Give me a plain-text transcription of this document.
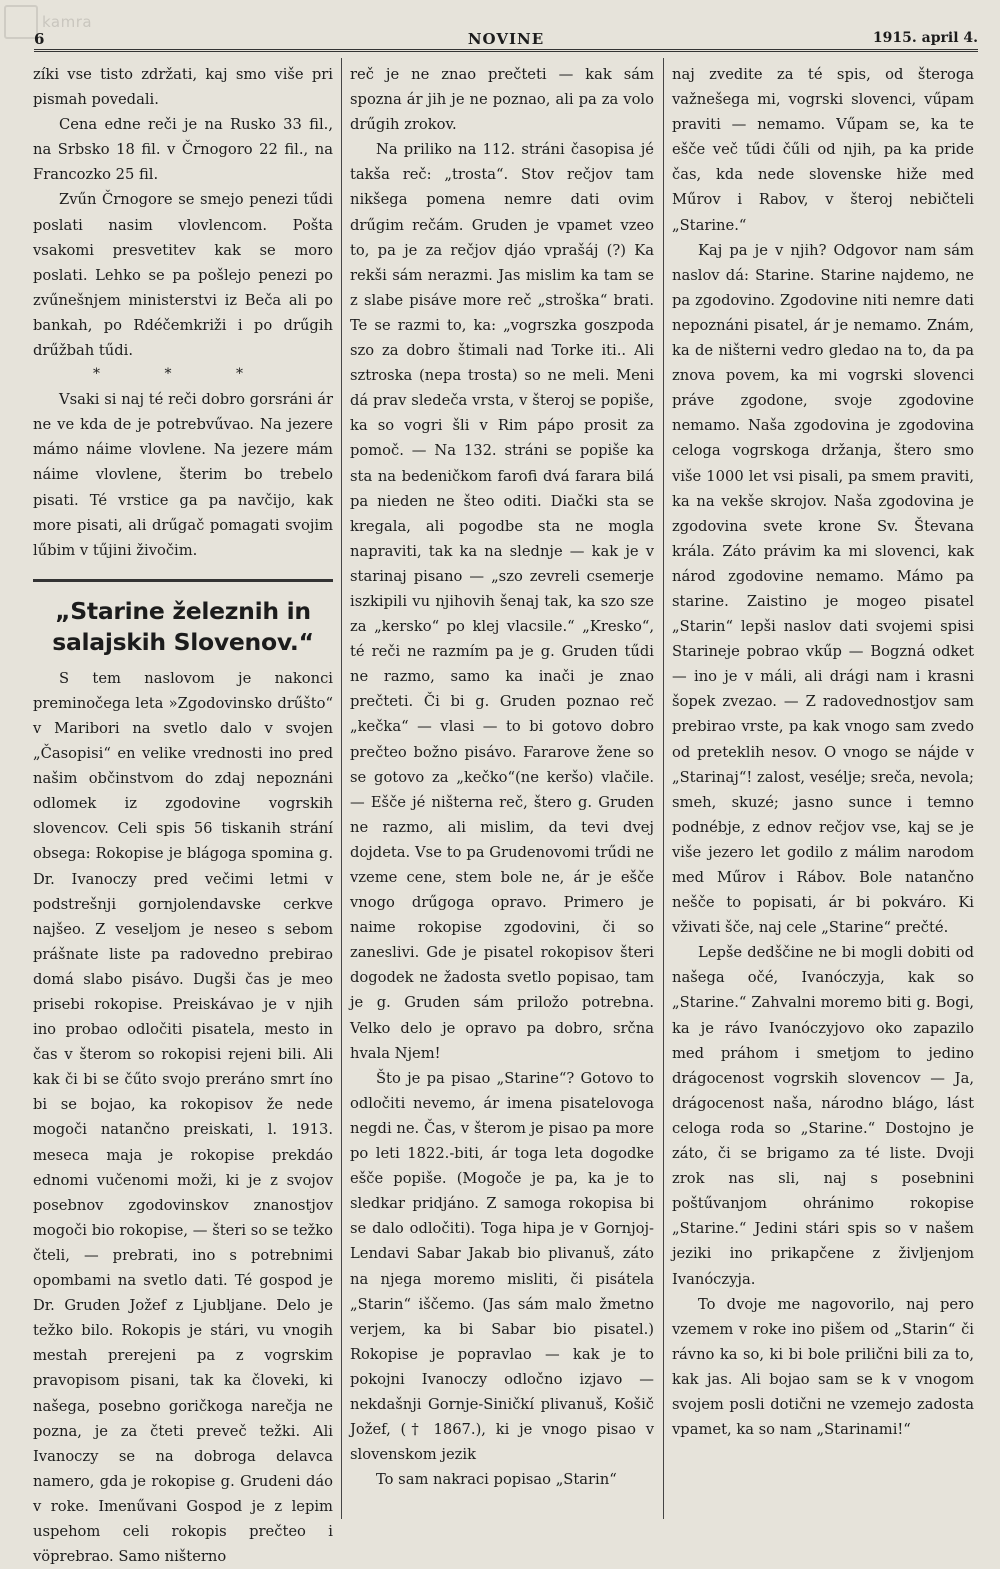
kamra
6	NOVINE	1915. april 4.

zíki vse tisto zdržati, kaj smo više pri pismah povedali.

Cena edne reči je na Rusko 33 fil., na Srbsko 18 fil. v Črnogoro 22 fil., na Francozko 25 fil.

Zvűn Črnogore se smejo penezi tűdi poslati nasim vlovlencom. Pošta vsakomi presvetitev kak se moro poslati. Lehko se pa pošlejo penezi po zvűnešnjem ministerstvi iz Beča ali po bankah, po Rdéčemkriži i po drűgih drűžbah tűdi.

* * *

Vsaki si naj té reči dobro gorsráni ár ne ve kda de je potrebvűvao. Na jezere mámo náime vlovlene. Na jezere mám náime vlovlene, šterim bo trebelo pisati. Té vrstice ga pa navčijo, kak more pisati, ali drűgač pomagati svojim lűbim v tűjini živočim.

„Starine železnih in salajskih Slovenov.“

S tem naslovom je nakonci preminočega leta »Zgodovinsko drűšto“ v Maribori na svetlo dalo v svojen „Časopisi“ en velike vrednosti ino pred našim občinstvom do zdaj nepoznáni odlomek iz zgodovine vogrskih slovencov. Celi spis 56 tiskanih strání obsega: Rokopise je blágoga spomina g. Dr. Ivanoczy pred večimi letmi v podstrešnji gornjolendavske cerkve najšeo. Z veseljom je neseo s sebom prášnate liste pa radovedno prebirao domá slabo pisávo. Dugši čas je meo prisebi rokopise. Preiskávao je v njih ino probao odločiti pisatela, mesto in čas v šterom so rokopisi rejeni bili. Ali kak či bi se čűto svojo preráno smrt íno bi se bojao, ka rokopisov že nede mogoči natančno preiskati, l. 1913. meseca maja je rokopise prekdáo ednomi vučenomi moži, ki je z svojov posebnov zgodovinskov znanostjov mogoči bio rokopise, — šteri so se težko čteli, — prebrati, ino s potrebnimi opombami na svetlo dati. Té gospod je Dr. Gruden Jožef z Ljubljane. Delo je težko bilo. Rokopis je stári, vu vnogih mestah prerejeni pa z vogrskim pravopisom pisani, tak ka človeki, ki našega, posebno goričkoga narečja ne pozna, je za čteti preveč težki. Ali Ivanoczy se na dobroga delavca namero, gda je rokopise g. Grudeni dáo v roke. Imenűvani Gospod je z lepim uspehom celi rokopis prečteo i vöprebrao. Samo ništerno

reč je ne znao prečteti — kak sám spozna ár jih je ne poznao, ali pa za volo drűgih zrokov.

Na priliko na 112. stráni časopisa jé takša reč: „trosta“. Stov rečjov tam nikšega pomena nemre dati ovim drűgim rečám. Gruden je vpamet vzeo to, pa je za rečjov djáo vprašáj (?) Ka rekši sám nerazmi. Jas mislim ka tam se z slabe pisáve more reč „stroška“ brati. Te se razmi to, ka: „vogrszka goszpoda szo za dobro štimali nad Torke iti.. Ali sztroska (nepa trosta) so ne meli. Meni dá prav sledeča vrsta, v šteroj se popiše, ka so vogri šli v Rim pápo prosit za pomoč. — Na 132. stráni se popiše ka sta na bedeničkom farofi dvá farara bilá pa nieden ne šteo oditi. Diački sta se kregala, ali pogodbe sta ne mogla napraviti, tak ka na slednje — kak je v starinaj pisano — „szo zevreli csemerje iszkipili vu njihovih šenaj tak, ka szo sze za „kersko“ po klej vlacsile.“ „Kresko“, té reči ne razmím pa je g. Gruden tűdi ne razmo, samo ka inači je znao prečteti. Či bi g. Gruden poznao reč „kečka“ — vlasi — to bi gotovo dobro prečteo božno pisávo. Fararove žene so se gotovo za „kečko“(ne keršo) vlačile. — Ešče jé ništerna reč, štero g. Gruden ne razmo, ali mislim, da tevi dvej dojdeta. Vse to pa Grudenovomi trűdi ne vzeme cene, stem bole ne, ár je ešče vnogo drűgoga opravo. Primero je naime rokopise zgodovini, či so zaneslivi. Gde je pisatel rokopisov šteri dogodek ne žadosta svetlo popisao, tam je g. Gruden sám priložo potrebna. Velko delo je opravo pa dobro, srčna hvala Njem!

Što je pa pisao „Starine“? Gotovo to odločiti nevemo, ár imena pisatelovoga negdi ne. Čas, v šterom je pisao pa more po leti 1822.-biti, ár toga leta dogodke ešče popiše. (Mogoče je pa, ka je to sledkar pridjáno. Z samoga rokopisa bi se dalo odločiti). Toga hipa je v Gornjoj-Lendavi Sabar Jakab bio plivanuš, záto na njega moremo misliti, či pisátela „Starin“ iščemo. (Jas sám malo žmetno verjem, ka bi Sabar bio pisatel.) Rokopise je popravlao — kak je to pokojni Ivanoczy odločno izjavo — nekdašnji Gornje-Siničkí plivanuš, Košič Jožef, († 1867.), ki je vnogo pisao v slovenskom jezik

To sam nakraci popisao „Starin“

naj zvedite za té spis, od šteroga važnešega mi, vogrski slovenci, vűpam praviti — nemamo. Vűpam se, ka te ešče več tűdi čűli od njih, pa ka pride čas, kda nede slovenske hiže med Műrov i Rabov, v šteroj nebičteli „Starine.“

Kaj pa je v njih? Odgovor nam sám naslov dá: Starine. Starine najdemo, ne pa zgodovino. Zgodovine niti nemre dati nepoznáni pisatel, ár je nemamo. Znám, ka de ništerni vedro gledao na to, da pa znova povem, ka mi vogrski slovenci práve zgodone, svoje zgodovine nemamo. Naša zgodovina je zgodovina celoga vogrskoga držanja, štero smo više 1000 let vsi pisali, pa smem praviti, ka na vekše skrojov. Naša zgodovina je zgodovina svete krone Sv. Števana krála. Záto právim ka mi slovenci, kak národ zgodovine nemamo. Mámo pa starine. Zaistino je mogeo pisatel „Starin“ lepši naslov dati svojemi spisi Starineje pobrao vkűp — Bogzná odket — ino je v máli, ali drági nam i krasni šopek zvezao. — Z radovednostjov sam prebirao vrste, pa kak vnogo sam zvedo od preteklih nesov. O vnogo se nájde v „Starinaj“! zalost, vesélje; sreča, nevola; smeh, skuzé; jasno sunce i temno podnébje, z ednov rečjov vse, kaj se je više jezero let godilo z málim narodom med Műrov i Rábov. Bole natančno nešče to popisati, ár bi pokváro. Ki vživati šče, naj cele „Starine“ prečté.

Lepše dedščine ne bi mogli dobiti od našega očé, Ivanóczyja, kak so „Starine.“ Zahvalni moremo biti g. Bogi, ka je rávo Ivanóczyjovo oko zapazilo med práhom i smetjom to jedino drágocenost vogrskih slovencov — Ja, drágocenost naša, národno blágo, lást celoga roda so „Starine.“ Dostojno je záto, či se brigamo za té liste. Dvoji zrok nas sli, naj s posebnini poštűvanjom ohránimo rokopise „Starine.“ Jedini stári spis so v našem jeziki ino prikapčene z življenjom Ivanóczyja.

To dvoje me nagovorilo, naj pero vzemem v roke ino pišem od „Starin“ či rávno ka so, ki bi bole prilični bili za to, kak jas. Ali bojao sam se k v vnogom svojem posli dotični ne vzemejo zadosta vpamet, ka so nam „Starinami!“
